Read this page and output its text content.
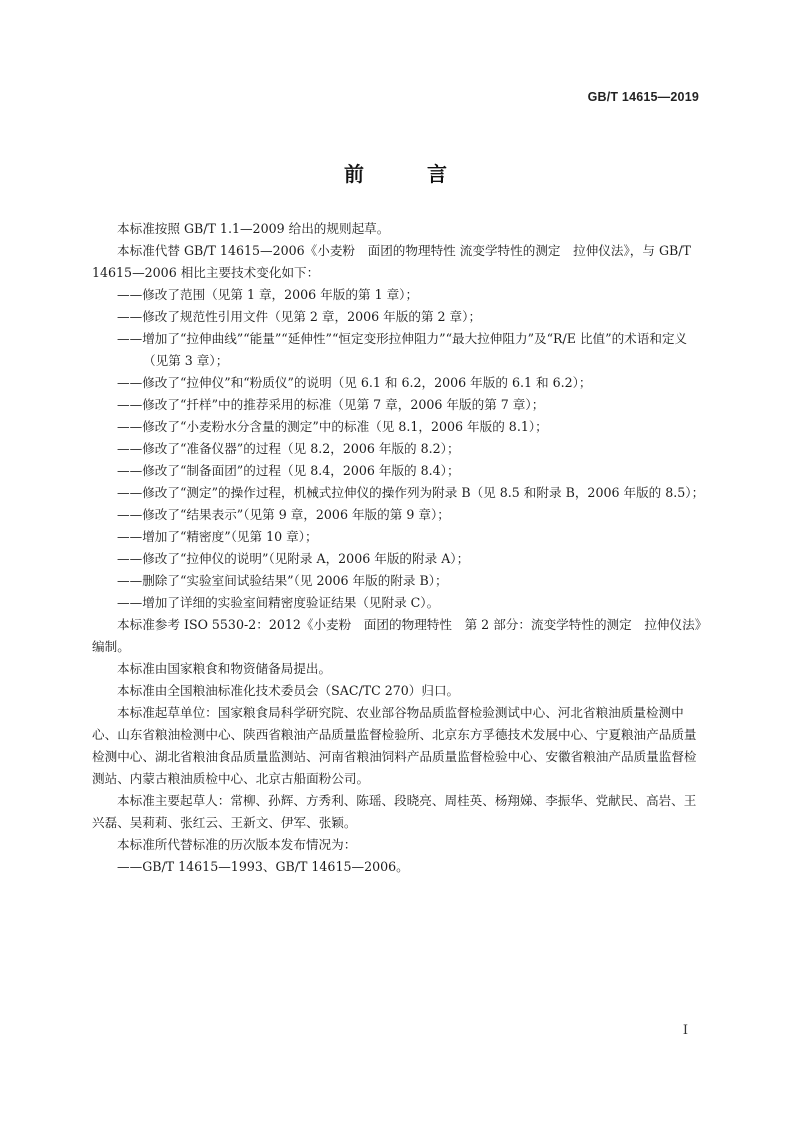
GB/T 14615—2019
前 言

本标准按照 GB/T 1.1—2009 给出的规则起草。

本标准代替 GB/T 14615—2006《小麦粉　面团的物理特性 流变学特性的测定　拉伸仪法》，与 GB/T 14615—2006 相比主要技术变化如下：

——修改了范围（见第 1 章，2006 年版的第 1 章）；

——修改了规范性引用文件（见第 2 章，2006 年版的第 2 章）；

——增加了“拉伸曲线”“能量”“延伸性”“恒定变形拉伸阻力”“最大拉伸阻力”及“R/E 比值”的术语和定义（见第 3 章）；

——修改了“拉伸仪”和“粉质仪”的说明（见 6.1 和 6.2，2006 年版的 6.1 和 6.2）；

——修改了“扦样”中的推荐采用的标准（见第 7 章，2006 年版的第 7 章）；

——修改了“小麦粉水分含量的测定”中的标准（见 8.1，2006 年版的 8.1）；

——修改了“准备仪器”的过程（见 8.2，2006 年版的 8.2）；

——修改了“制备面团”的过程（见 8.4，2006 年版的 8.4）；

——修改了“测定”的操作过程，机械式拉伸仪的操作列为附录 B（见 8.5 和附录 B，2006 年版的 8.5）；

——修改了“结果表示”（见第 9 章，2006 年版的第 9 章）；

——增加了“精密度”（见第 10 章）；

——修改了“拉伸仪的说明”（见附录 A，2006 年版的附录 A）；

——删除了“实验室间试验结果”（见 2006 年版的附录 B）；

——增加了详细的实验室间精密度验证结果（见附录 C）。

本标准参考 ISO 5530-2：2012《小麦粉　面团的物理特性　第 2 部分：流变学特性的测定　拉伸仪法》编制。

本标准由国家粮食和物资储备局提出。

本标准由全国粮油标准化技术委员会（SAC/TC 270）归口。

本标准起草单位：国家粮食局科学研究院、农业部谷物品质监督检验测试中心、河北省粮油质量检测中心、山东省粮油检测中心、陕西省粮油产品质量监督检验所、北京东方孚德技术发展中心、宁夏粮油产品质量检测中心、湖北省粮油食品质量监测站、河南省粮油饲料产品质量监督检验中心、安徽省粮油产品质量监督检测站、内蒙古粮油质检中心、北京古船面粉公司。

本标准主要起草人：常柳、孙辉、方秀利、陈瑶、段晓亮、周桂英、杨翔娣、李振华、党献民、高岩、王兴磊、吴莉莉、张红云、王新文、伊军、张颖。

本标准所代替标准的历次版本发布情况为：

——GB/T 14615—1993、GB/T 14615—2006。

I
